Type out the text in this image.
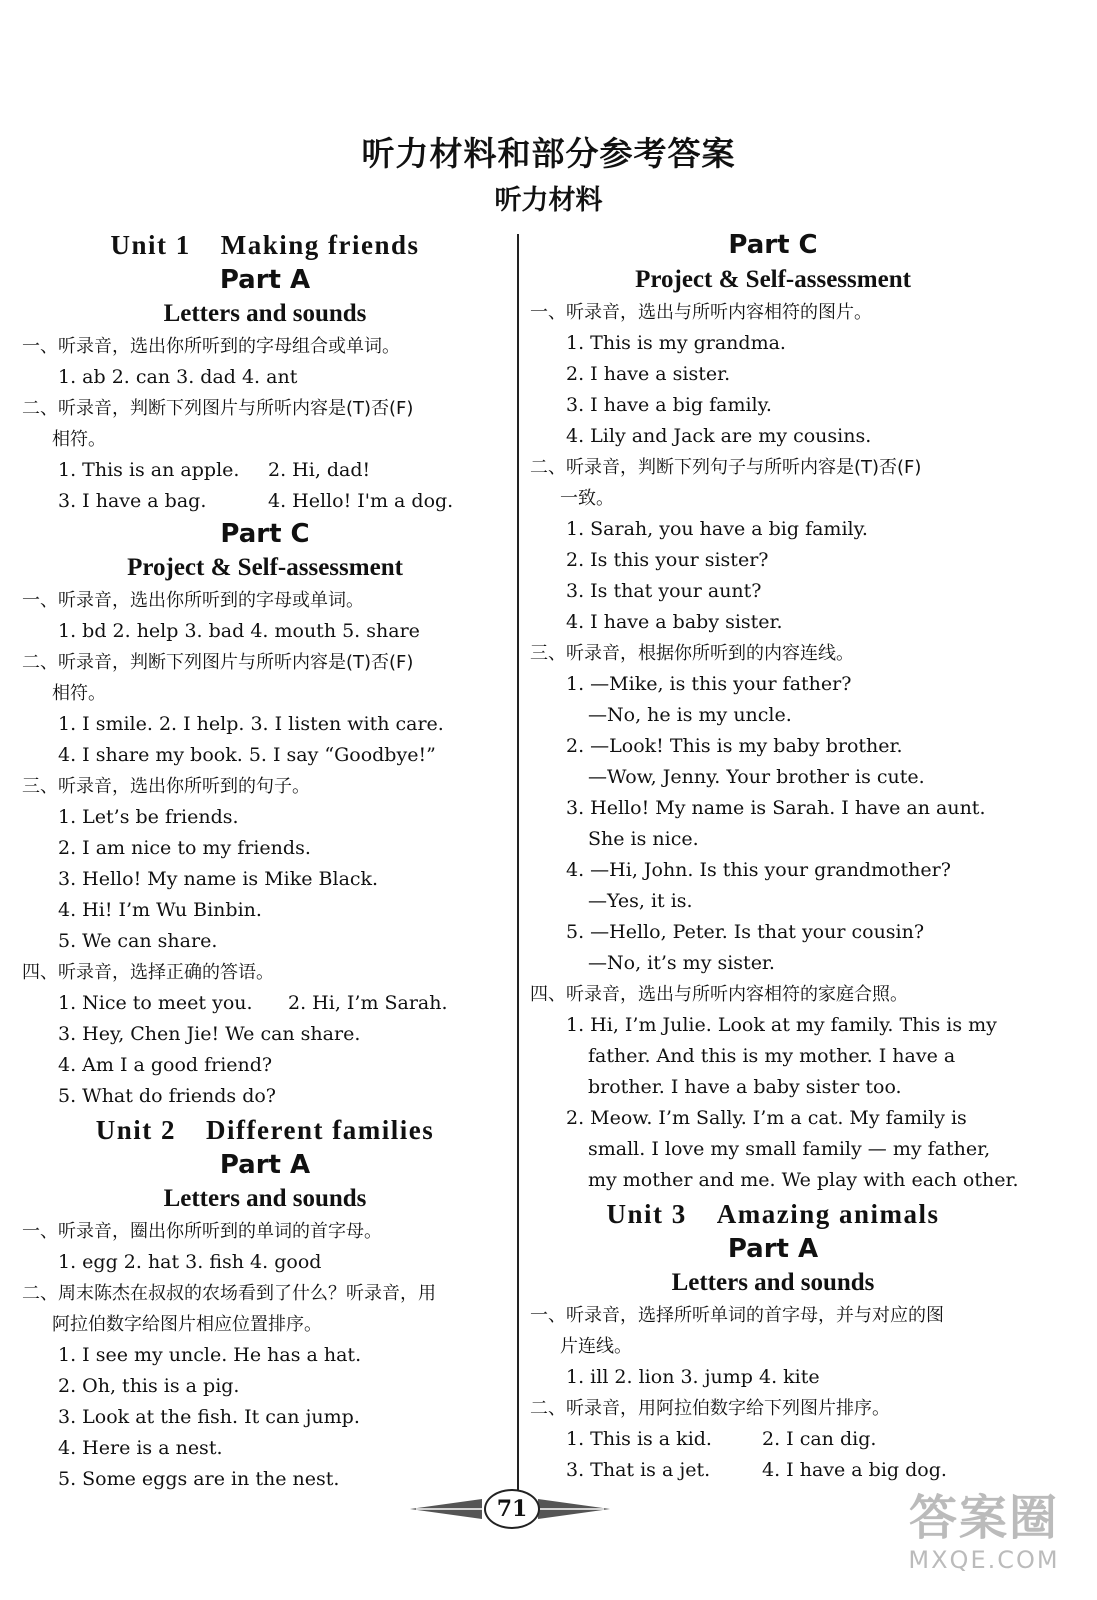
听力材料和部分参考答案
听力材料
Unit 1 Making friends
Part A
Letters and sounds
一、听录音，选出你所听到的字母组合或单词。
1. ab 2. can 3. dad 4. ant
二、听录音，判断下列图片与所听内容是(T)否(F)
相符。
1. This is an apple.	2. Hi, dad!
3. I have a bag.	4. Hello! I'm a dog.
Part C
Project & Self-assessment
一、听录音，选出你所听到的字母或单词。
1. bd 2. help 3. bad 4. mouth 5. share
二、听录音，判断下列图片与所听内容是(T)否(F)
相符。
1. I smile. 2. I help. 3. I listen with care.
4. I share my book. 5. I say “Goodbye!”
三、听录音，选出你所听到的句子。
1. Let’s be friends.
2. I am nice to my friends.
3. Hello! My name is Mike Black.
4. Hi! I’m Wu Binbin.
5. We can share.
四、听录音，选择正确的答语。
1. Nice to meet you.	2. Hi, I’m Sarah.
3. Hey, Chen Jie! We can share.
4. Am I a good friend?
5. What do friends do?
Unit 2 Different families
Part A
Letters and sounds
一、听录音，圈出你所听到的单词的首字母。
1. egg 2. hat 3. fish 4. good
二、周末陈杰在叔叔的农场看到了什么？听录音，用
阿拉伯数字给图片相应位置排序。
1. I see my uncle. He has a hat.
2. Oh, this is a pig.
3. Look at the fish. It can jump.
4. Here is a nest.
5. Some eggs are in the nest.
Part C
Project & Self-assessment
一、听录音，选出与所听内容相符的图片。
1. This is my grandma.
2. I have a sister.
3. I have a big family.
4. Lily and Jack are my cousins.
二、听录音，判断下列句子与所听内容是(T)否(F)
一致。
1. Sarah, you have a big family.
2. Is this your sister?
3. Is that your aunt?
4. I have a baby sister.
三、听录音，根据你所听到的内容连线。
1. —Mike, is this your father?
—No, he is my uncle.
2. —Look! This is my baby brother.
—Wow, Jenny. Your brother is cute.
3. Hello! My name is Sarah. I have an aunt.
She is nice.
4. —Hi, John. Is this your grandmother?
—Yes, it is.
5. —Hello, Peter. Is that your cousin?
—No, it’s my sister.
四、听录音，选出与所听内容相符的家庭合照。
1. Hi, I’m Julie. Look at my family. This is my
father. And this is my mother. I have a
brother. I have a baby sister too.
2. Meow. I’m Sally. I’m a cat. My family is
small. I love my small family — my father,
my mother and me. We play with each other.
Unit 3 Amazing animals
Part A
Letters and sounds
一、听录音，选择所听单词的首字母，并与对应的图
片连线。
1. ill 2. lion 3. jump 4. kite
二、听录音，用阿拉伯数字给下列图片排序。
1. This is a kid.	2. I can dig.
3. That is a jet.	4. I have a big dog.
71	答案圈
MXQE.COM
